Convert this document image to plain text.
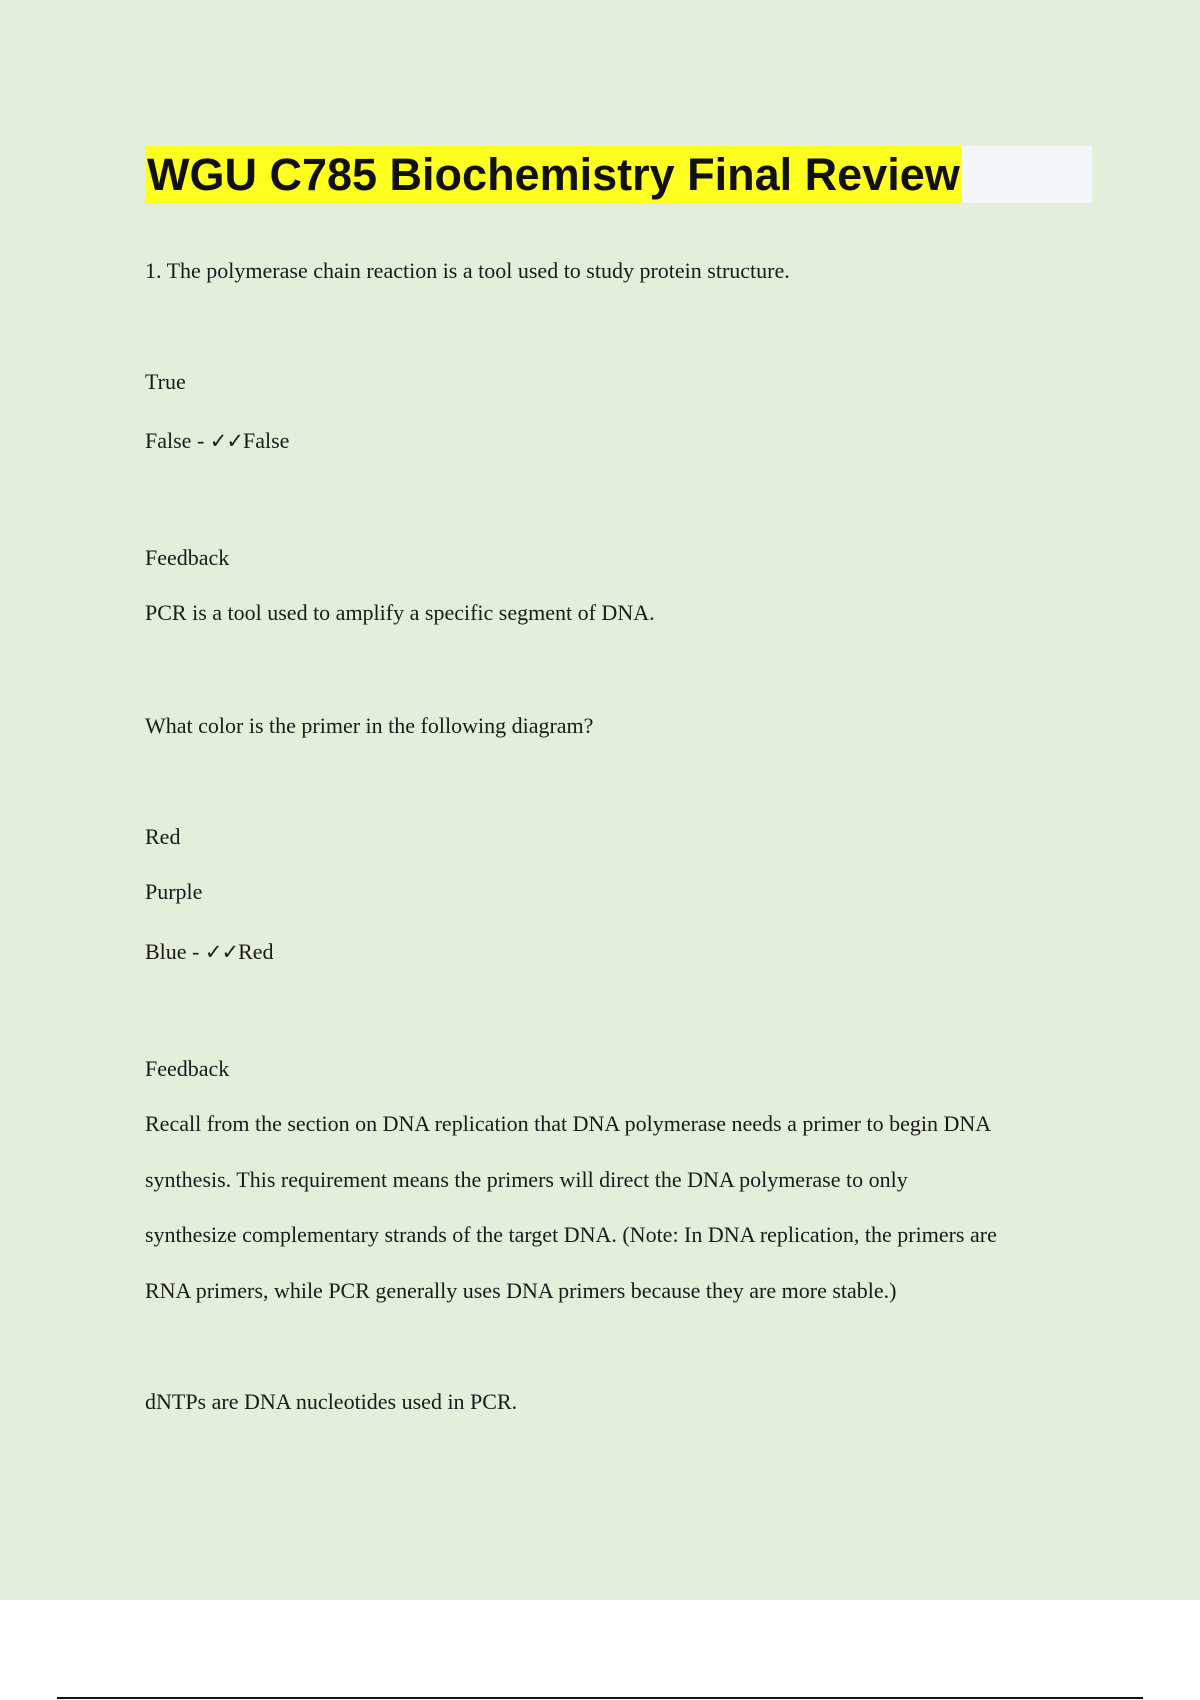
WGU C785 Biochemistry Final Review

1. The polymerase chain reaction is a tool used to study protein structure.

True

False - ✓✓False

Feedback

PCR is a tool used to amplify a specific segment of DNA.

What color is the primer in the following diagram?

Red

Purple

Blue - ✓✓Red

Feedback

Recall from the section on DNA replication that DNA polymerase needs a primer to begin DNA

synthesis. This requirement means the primers will direct the DNA polymerase to only

synthesize complementary strands of the target DNA. (Note: In DNA replication, the primers are

RNA primers, while PCR generally uses DNA primers because they are more stable.)

dNTPs are DNA nucleotides used in PCR.
